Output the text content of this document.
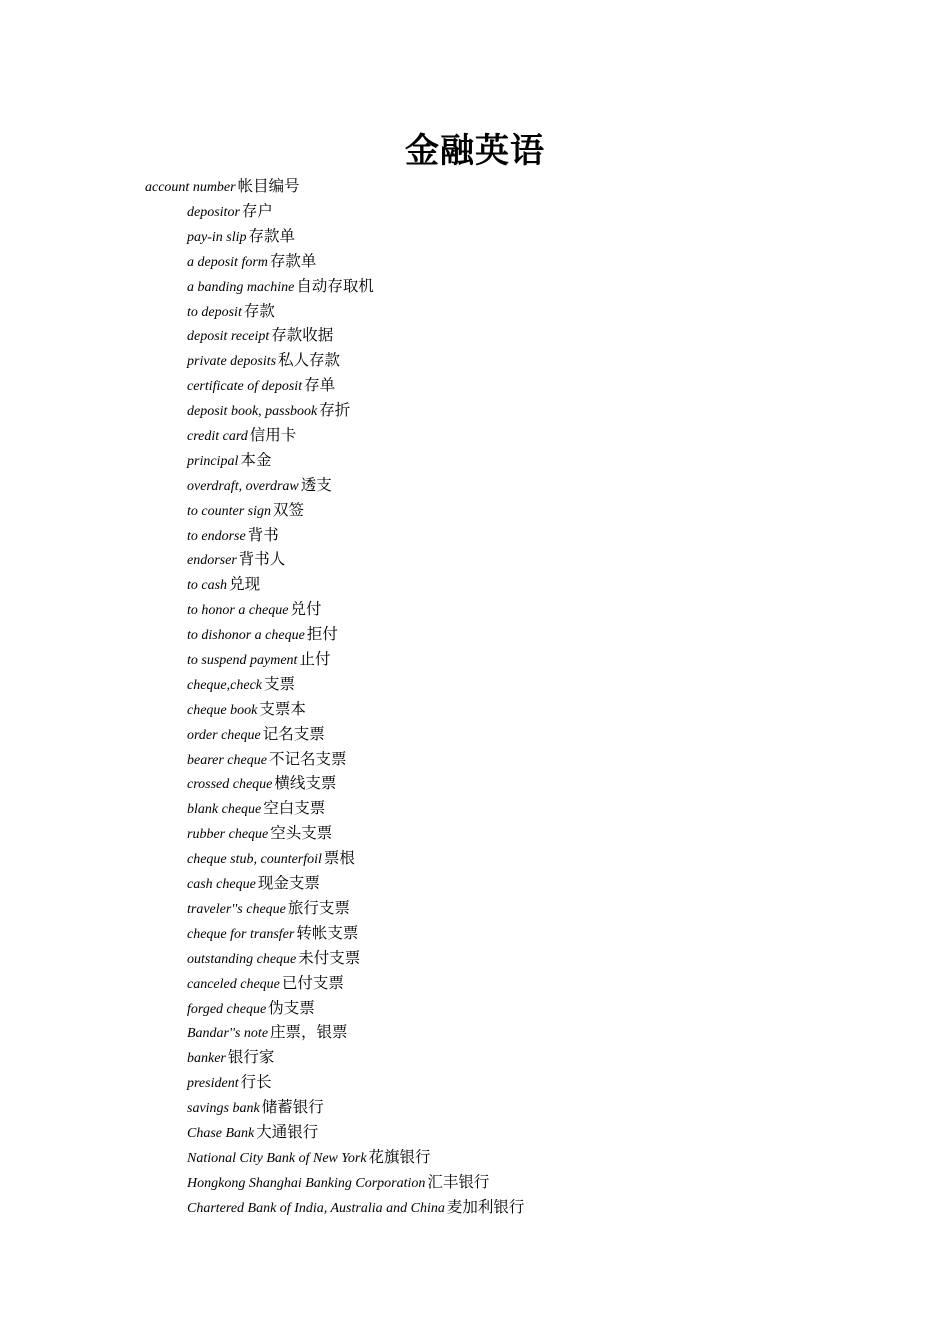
金融英语
account number 帐目编号
depositor 存户
pay-in slip 存款单
a deposit form 存款单
a banding machine 自动存取机
to deposit 存款
deposit receipt 存款收据
private deposits 私人存款
certificate of deposit 存单
deposit book, passbook 存折
credit card 信用卡
principal 本金
overdraft, overdraw 透支
to counter sign 双签
to endorse 背书
endorser 背书人
to cash 兑现
to honor a cheque 兑付
to dishonor a cheque 拒付
to suspend payment 止付
cheque,check 支票
cheque book 支票本
order cheque 记名支票
bearer cheque 不记名支票
crossed cheque 横线支票
blank cheque 空白支票
rubber cheque 空头支票
cheque stub, counterfoil 票根
cash cheque 现金支票
traveler''s cheque 旅行支票
cheque for transfer 转帐支票
outstanding cheque 未付支票
canceled cheque 已付支票
forged cheque 伪支票
Bandar''s note 庄票，银票
banker 银行家
president 行长
savings bank 储蓄银行
Chase Bank 大通银行
National City Bank of New York 花旗银行
Hongkong Shanghai Banking Corporation 汇丰银行
Chartered Bank of India, Australia and China 麦加利银行
